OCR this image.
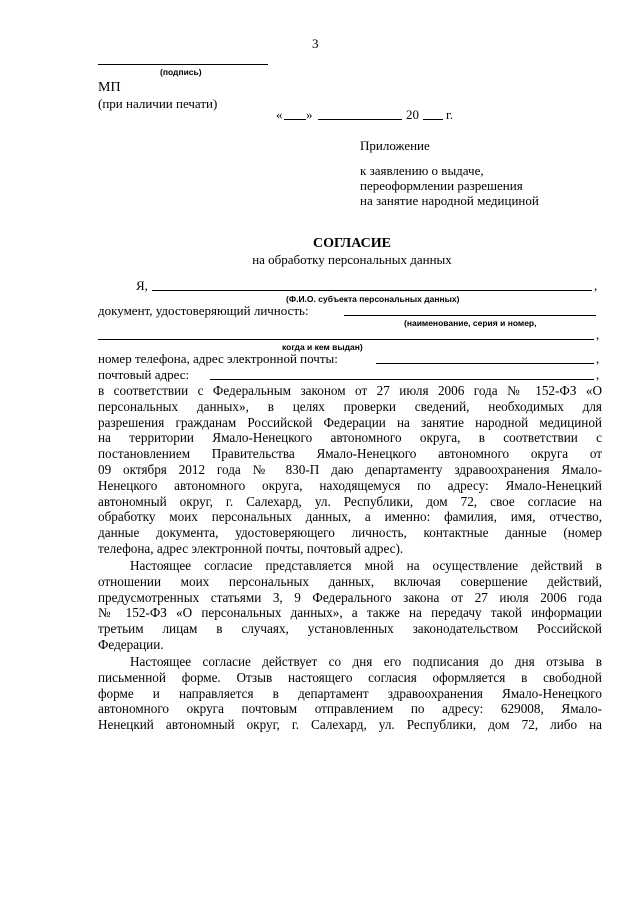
3
(подпись)
МП
(при наличии печати)
« »	20 г.
Приложение
к заявлению о выдаче,
переоформлении разрешения
на занятие народной медициной
СОГЛАСИЕ
на обработку персональных данных
Я,	,
(Ф.И.О. субъекта персональных данных)
документ, удостоверяющий личность:
(наименование, серия и номер,
,
когда и кем выдан)
номер телефона, адрес электронной почты:	,
почтовый адрес:	,
в соответствии с Федеральным законом от 27 июля 2006 года № 152-ФЗ «О
персональных данных», в целях проверки сведений, необходимых для
разрешения гражданам Российской Федерации на занятие народной медициной
на территории Ямало-Ненецкого автономного округа, в соответствии с
постановлением Правительства Ямало-Ненецкого автономного округа от
09 октября 2012 года № 830-П даю департаменту здравоохранения Ямало-
Ненецкого автономного округа, находящемуся по адресу: Ямало-Ненецкий
автономный округ, г. Салехард, ул. Республики, дом 72, свое согласие на
обработку моих персональных данных, а именно: фамилия, имя, отчество,
данные документа, удостоверяющего личность, контактные данные (номер
телефона, адрес электронной почты, почтовый адрес).
Настоящее согласие представляется мной на осуществление действий в
отношении моих персональных данных, включая совершение действий,
предусмотренных статьями 3, 9 Федерального закона от 27 июля 2006 года
№ 152-ФЗ «О персональных данных», а также на передачу такой информации
третьим лицам в случаях, установленных законодательством Российской
Федерации.
Настоящее согласие действует со дня его подписания до дня отзыва в
письменной форме. Отзыв настоящего согласия оформляется в свободной
форме и направляется в департамент здравоохранения Ямало-Ненецкого
автономного округа почтовым отправлением по адресу: 629008, Ямало-
Ненецкий автономный округ, г. Салехард, ул. Республики, дом 72, либо на
